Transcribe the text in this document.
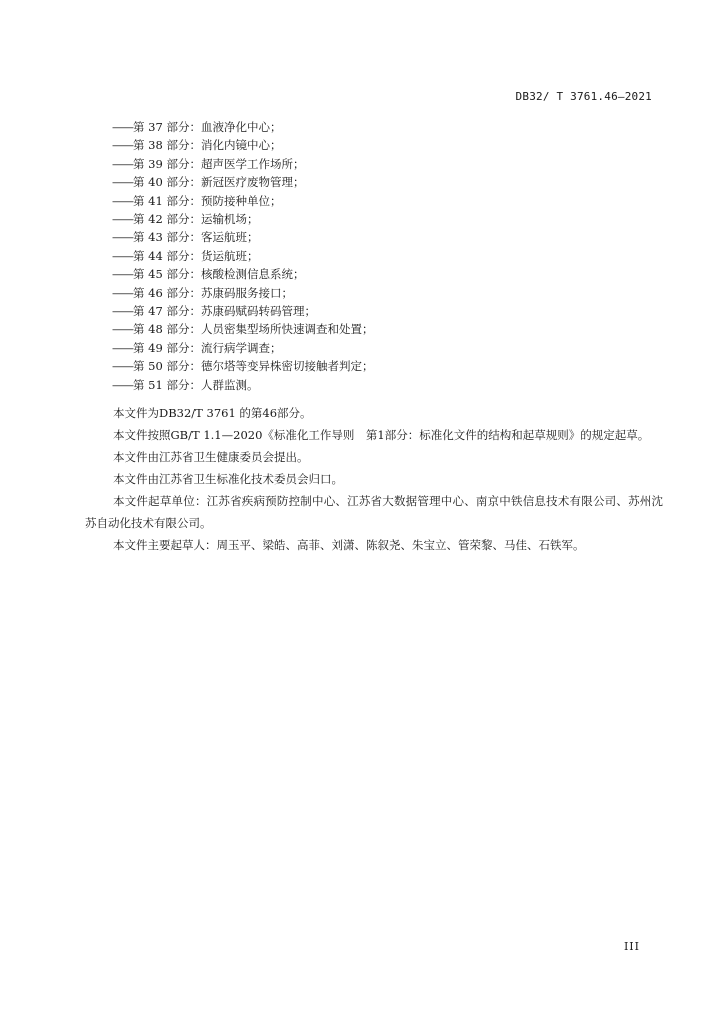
DB32/ T 3761.46—2021
——第 37 部分：血液净化中心；
——第 38 部分：消化内镜中心；
——第 39 部分：超声医学工作场所；
——第 40 部分：新冠医疗废物管理；
——第 41 部分：预防接种单位；
——第 42 部分：运输机场；
——第 43 部分：客运航班；
——第 44 部分：货运航班；
——第 45 部分：核酸检测信息系统；
——第 46 部分：苏康码服务接口；
——第 47 部分：苏康码赋码转码管理；
——第 48 部分：人员密集型场所快速调查和处置；
——第 49 部分：流行病学调查；
——第 50 部分：德尔塔等变异株密切接触者判定；
——第 51 部分：人群监测。
本文件为DB32/T 3761 的第46部分。
本文件按照GB/T 1.1—2020《标准化工作导则　第1部分：标准化文件的结构和起草规则》的规定起草。
本文件由江苏省卫生健康委员会提出。
本文件由江苏省卫生标准化技术委员会归口。
本文件起草单位：江苏省疾病预防控制中心、江苏省大数据管理中心、南京中铁信息技术有限公司、苏州沈苏自动化技术有限公司。
本文件主要起草人：周玉平、梁皓、高菲、刘潇、陈叙尧、朱宝立、管荣黎、马佳、石铁军。
III
